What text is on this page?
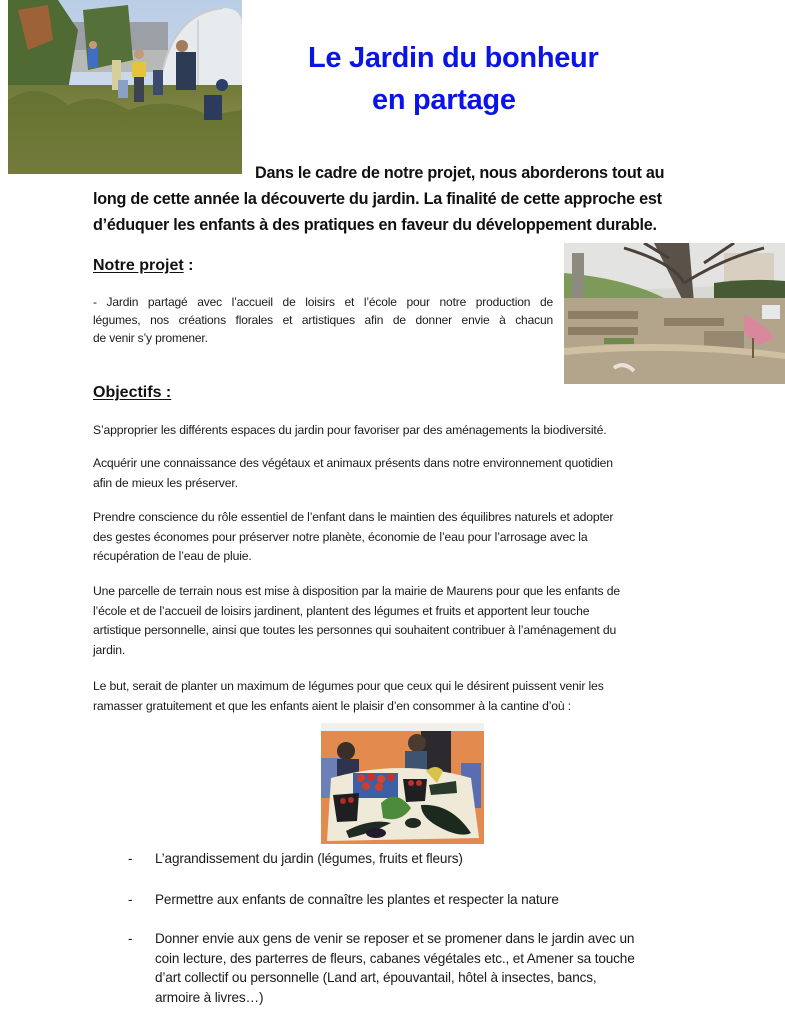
Le Jardin du bonheur
en partage
Dans le cadre de notre projet, nous aborderons tout au
long de cette année la découverte du jardin. La finalité de cette approche est
d’éduquer les enfants à des pratiques en faveur du développement durable.
Notre projet :
- Jardin partagé avec l’accueil de loisirs et l’école pour notre production de
légumes, nos créations florales et artistiques afin de donner envie à chacun
de venir s’y promener.
Objectifs :
S’approprier les différents espaces du jardin pour favoriser par des aménagements la biodiversité.
Acquérir une connaissance des végétaux et animaux présents dans notre environnement quotidien
afin de mieux les préserver.
Prendre conscience du rôle essentiel de l’enfant dans le maintien des équilibres naturels et adopter
des gestes économes pour préserver notre planète, économie de l’eau pour l’arrosage avec la
récupération de l’eau de pluie.
Une parcelle de terrain nous est mise à disposition par la mairie de Maurens pour que les enfants de
l’école et de l’accueil de loisirs jardinent, plantent des légumes et fruits et apportent leur touche
artistique personnelle, ainsi que toutes les personnes qui souhaitent contribuer à l’aménagement du
jardin.
Le but, serait de planter un maximum de légumes pour que ceux qui le désirent puissent venir les
ramasser gratuitement et que les enfants aient le plaisir d’en consommer à la cantine d’où :
-	L’agrandissement du jardin (légumes, fruits et fleurs)
-	Permettre aux enfants de connaître les plantes et respecter la nature
-	Donner envie aux gens de venir se reposer et se promener dans le jardin avec un
coin lecture, des parterres de fleurs, cabanes végétales etc., et Amener sa touche
d’art collectif ou personnelle (Land art, épouvantail, hôtel à insectes, bancs,
armoire à livres…)
